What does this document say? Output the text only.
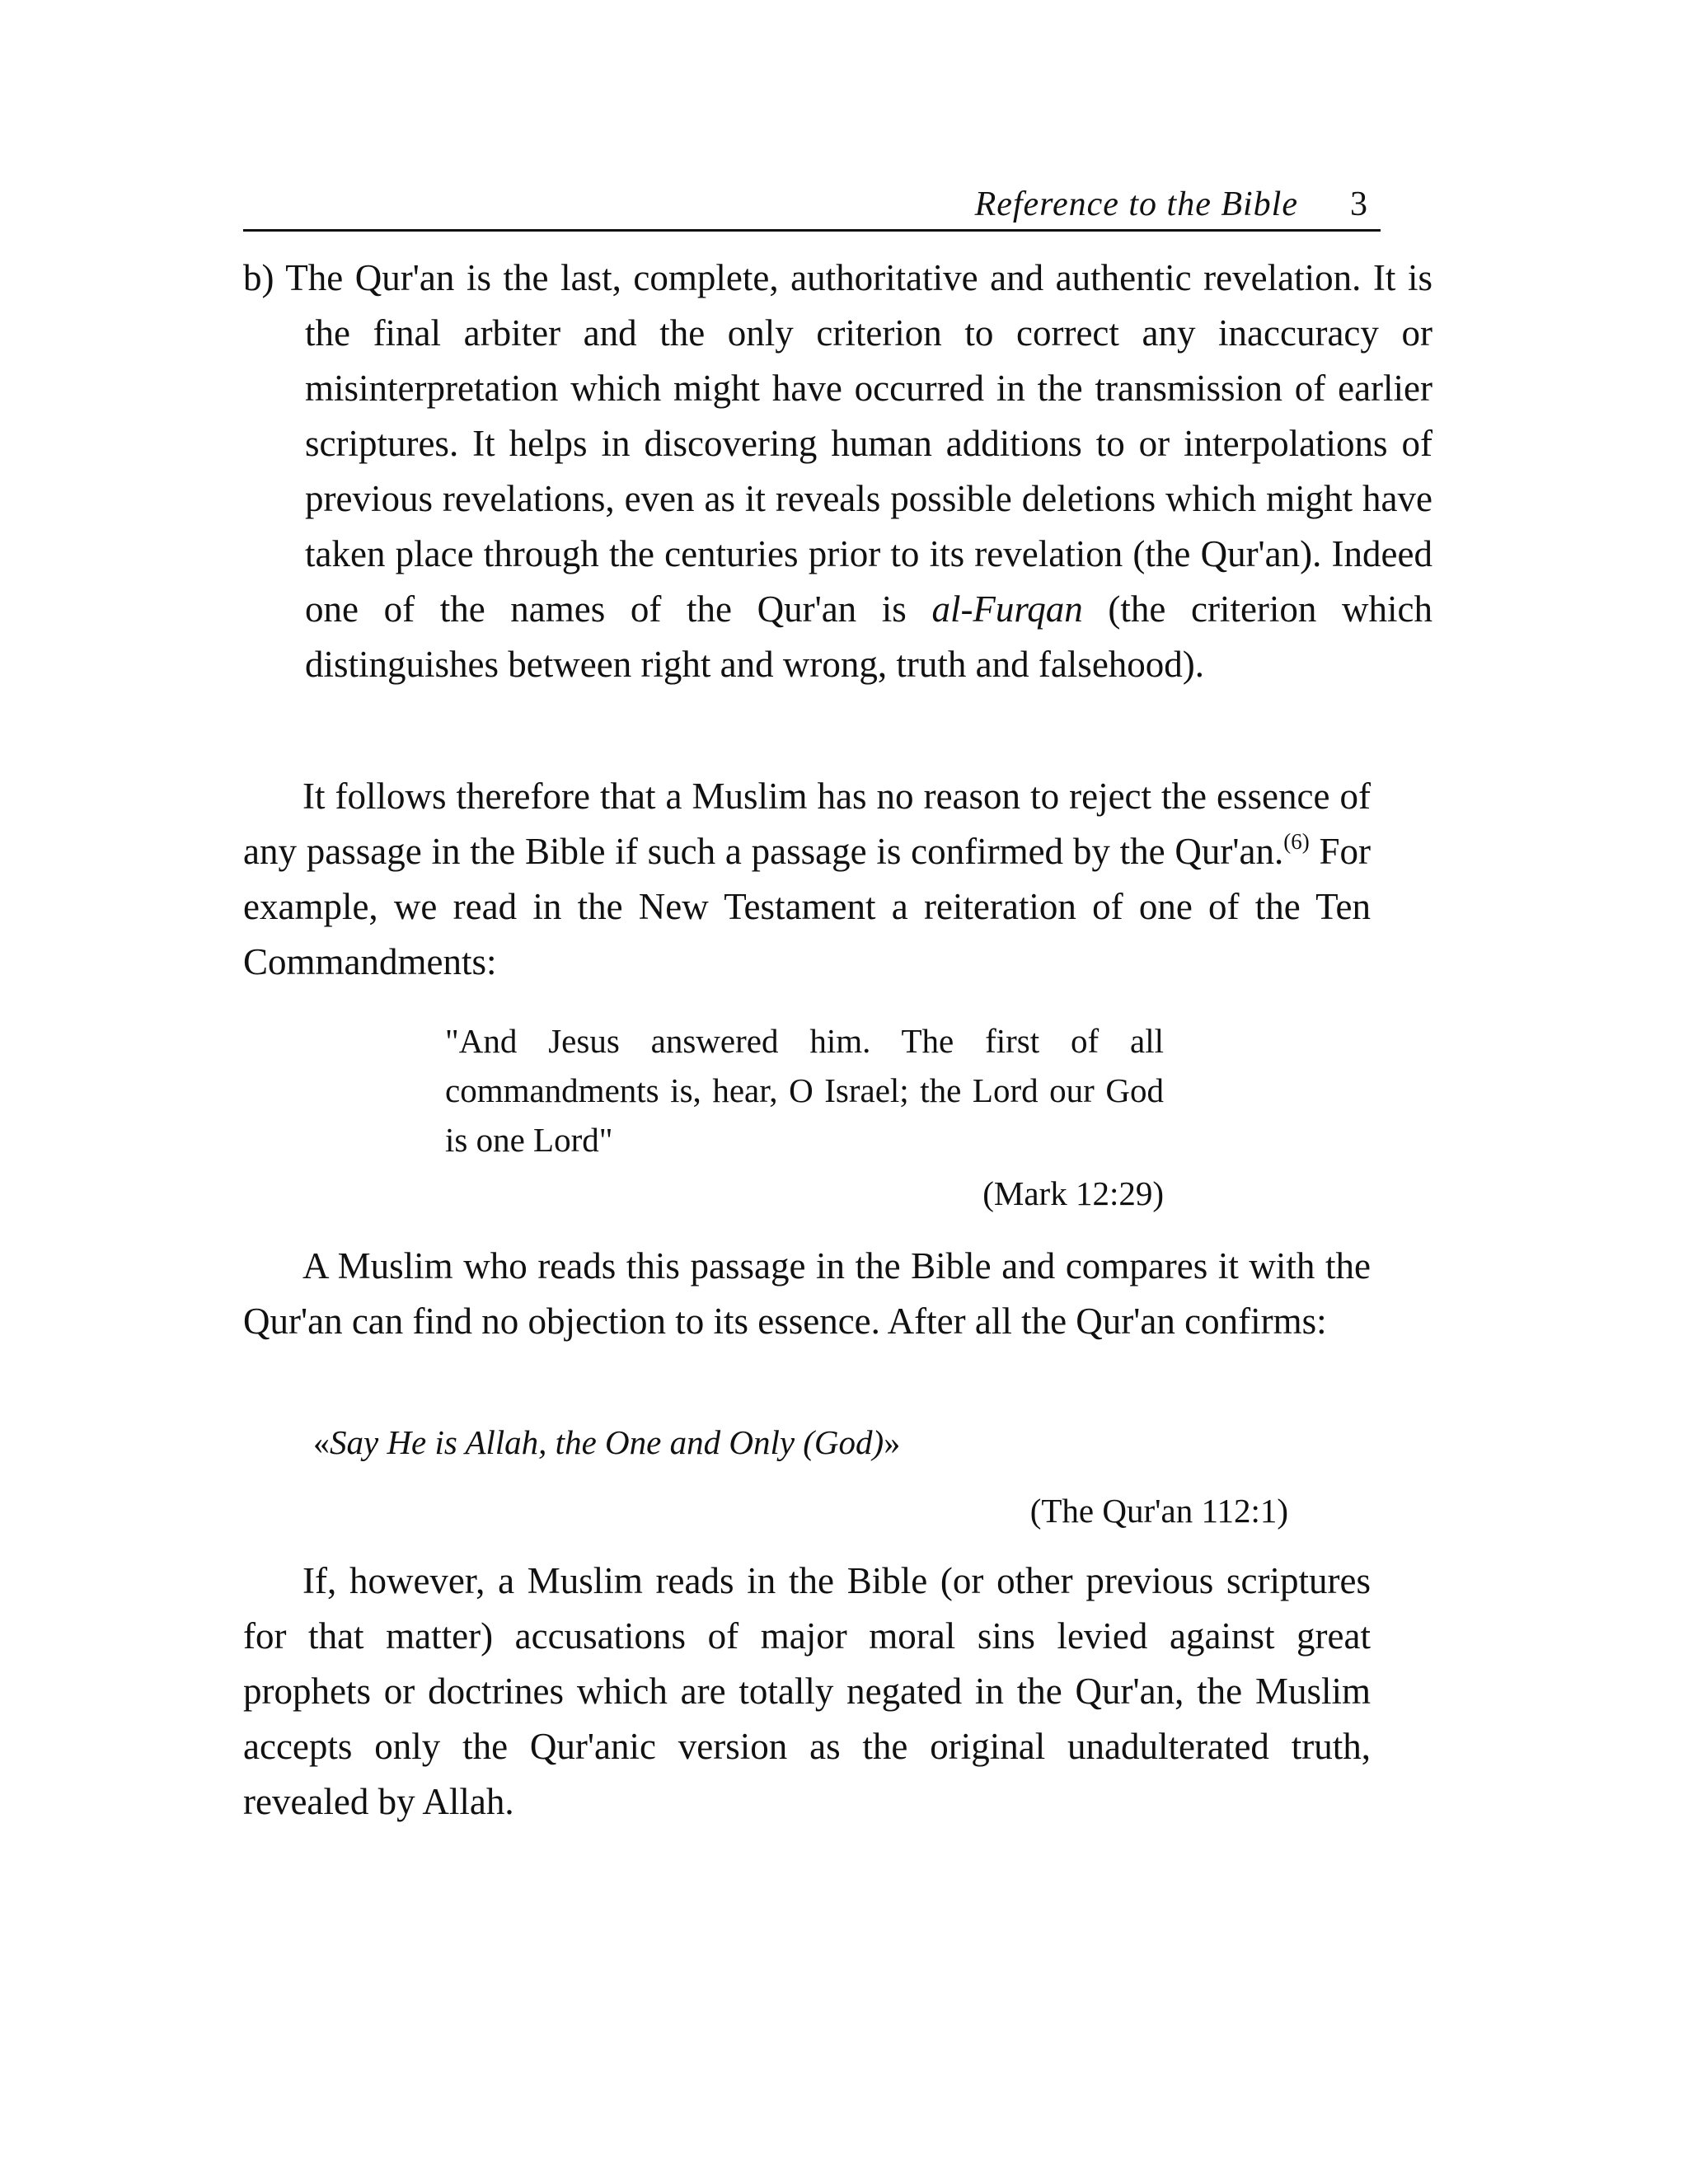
Reference to the Bible 3

b) The Qur'an is the last, complete, authoritative and authentic revelation. It is the final arbiter and the only criterion to correct any inaccuracy or misinterpretation which might have occurred in the transmission of earlier scriptures. It helps in discovering human additions to or interpolations of previous revelations, even as it reveals possible deletions which might have taken place through the centuries prior to its revelation (the Qur'an). Indeed one of the names of the Qur'an is al-Furqan (the criterion which distinguishes between right and wrong, truth and falsehood).

It follows therefore that a Muslim has no reason to reject the essence of any passage in the Bible if such a passage is confirmed by the Qur'an.$^{(6)}$ For example, we read in the New Testament a reiteration of one of the Ten Commandments:

"And Jesus answered him. The first of all commandments is, hear, O Israel; the Lord our God is one Lord"

(Mark 12:29)

A Muslim who reads this passage in the Bible and compares it with the Qur'an can find no objection to its essence. After all the Qur'an confirms:

«Say He is Allah, the One and Only (God)»

(The Qur'an 112:1)

If, however, a Muslim reads in the Bible (or other previous scriptures for that matter) accusations of major moral sins levied against great prophets or doctrines which are totally negated in the Qur'an, the Muslim accepts only the Qur'anic version as the original unadulterated truth, revealed by Allah.
